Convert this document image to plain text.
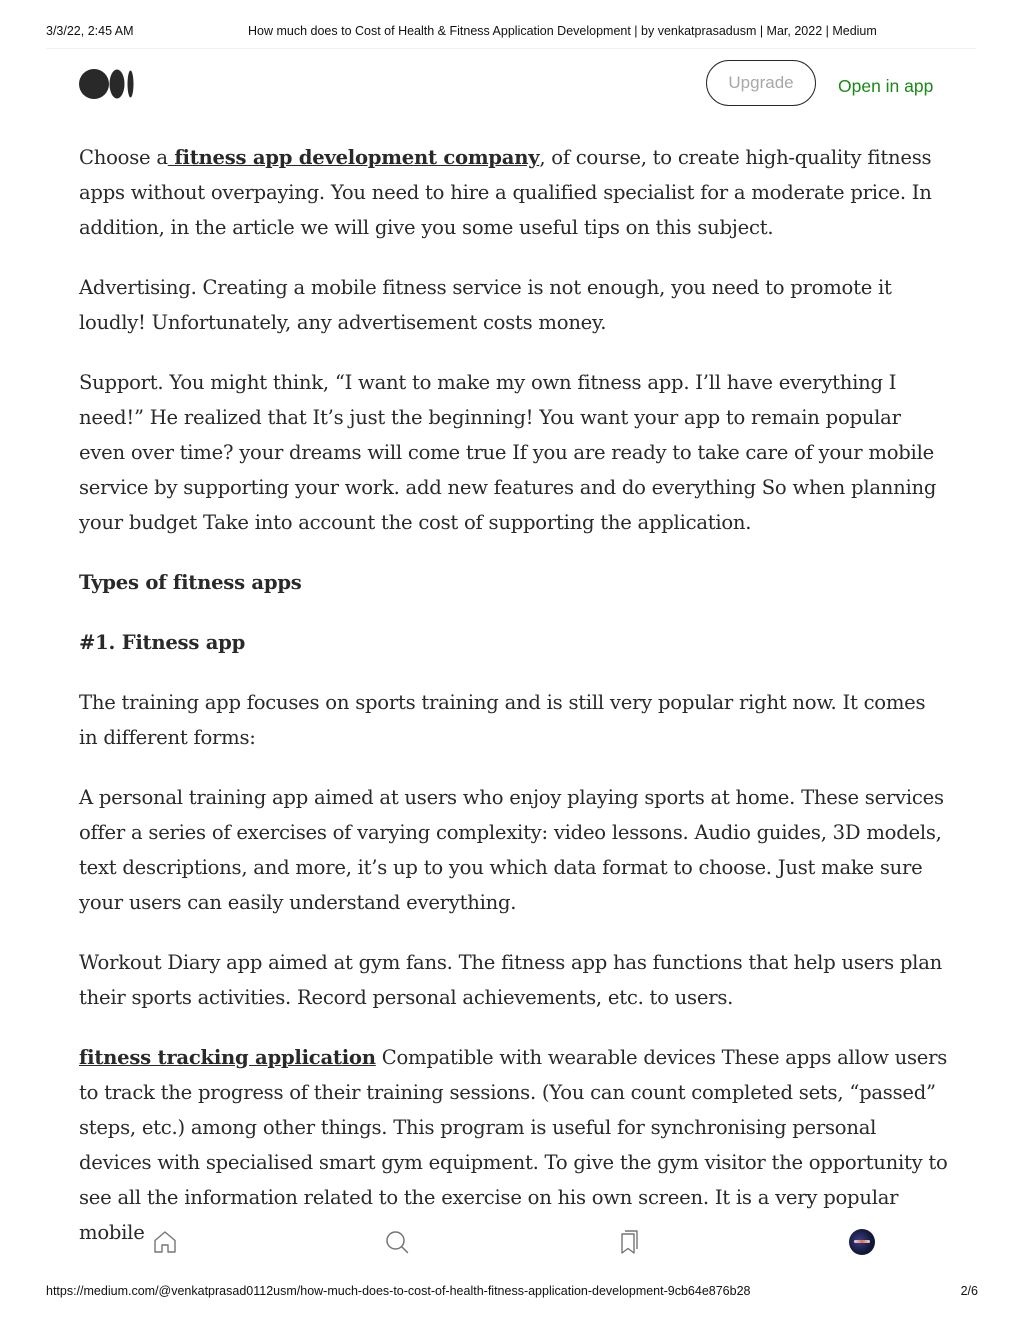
3/3/22, 2:45 AM	How much does to Cost of Health & Fitness Application Development | by venkatprasadusm | Mar, 2022 | Medium
Upgrade	Open in app

Choose a fitness app development company, of course, to create high-quality fitness apps without overpaying. You need to hire a qualified specialist for a moderate price. In addition, in the article we will give you some useful tips on this subject.

Advertising. Creating a mobile fitness service is not enough, you need to promote it loudly! Unfortunately, any advertisement costs money.

Support. You might think, “I want to make my own fitness app. I’ll have everything I need!” He realized that It’s just the beginning! You want your app to remain popular even over time? your dreams will come true If you are ready to take care of your mobile service by supporting your work. add new features and do everything So when planning your budget Take into account the cost of supporting the application.

Types of fitness apps

#1. Fitness app

The training app focuses on sports training and is still very popular right now. It comes in different forms:

A personal training app aimed at users who enjoy playing sports at home. These services offer a series of exercises of varying complexity: video lessons. Audio guides, 3D models, text descriptions, and more, it’s up to you which data format to choose. Just make sure your users can easily understand everything.

Workout Diary app aimed at gym fans. The fitness app has functions that help users plan their sports activities. Record personal achievements, etc. to users.

fitness tracking application Compatible with wearable devices These apps allow users to track the progress of their training sessions. (You can count completed sets, “passed” steps, etc.) among other things. This program is useful for synchronising personal devices with specialised smart gym equipment. To give the gym visitor the opportunity to see all the information related to the exercise on his own screen. It is a very popular mobile

https://medium.com/@venkatprasad0112usm/how-much-does-to-cost-of-health-fitness-application-development-9cb64e876b28	2/6
